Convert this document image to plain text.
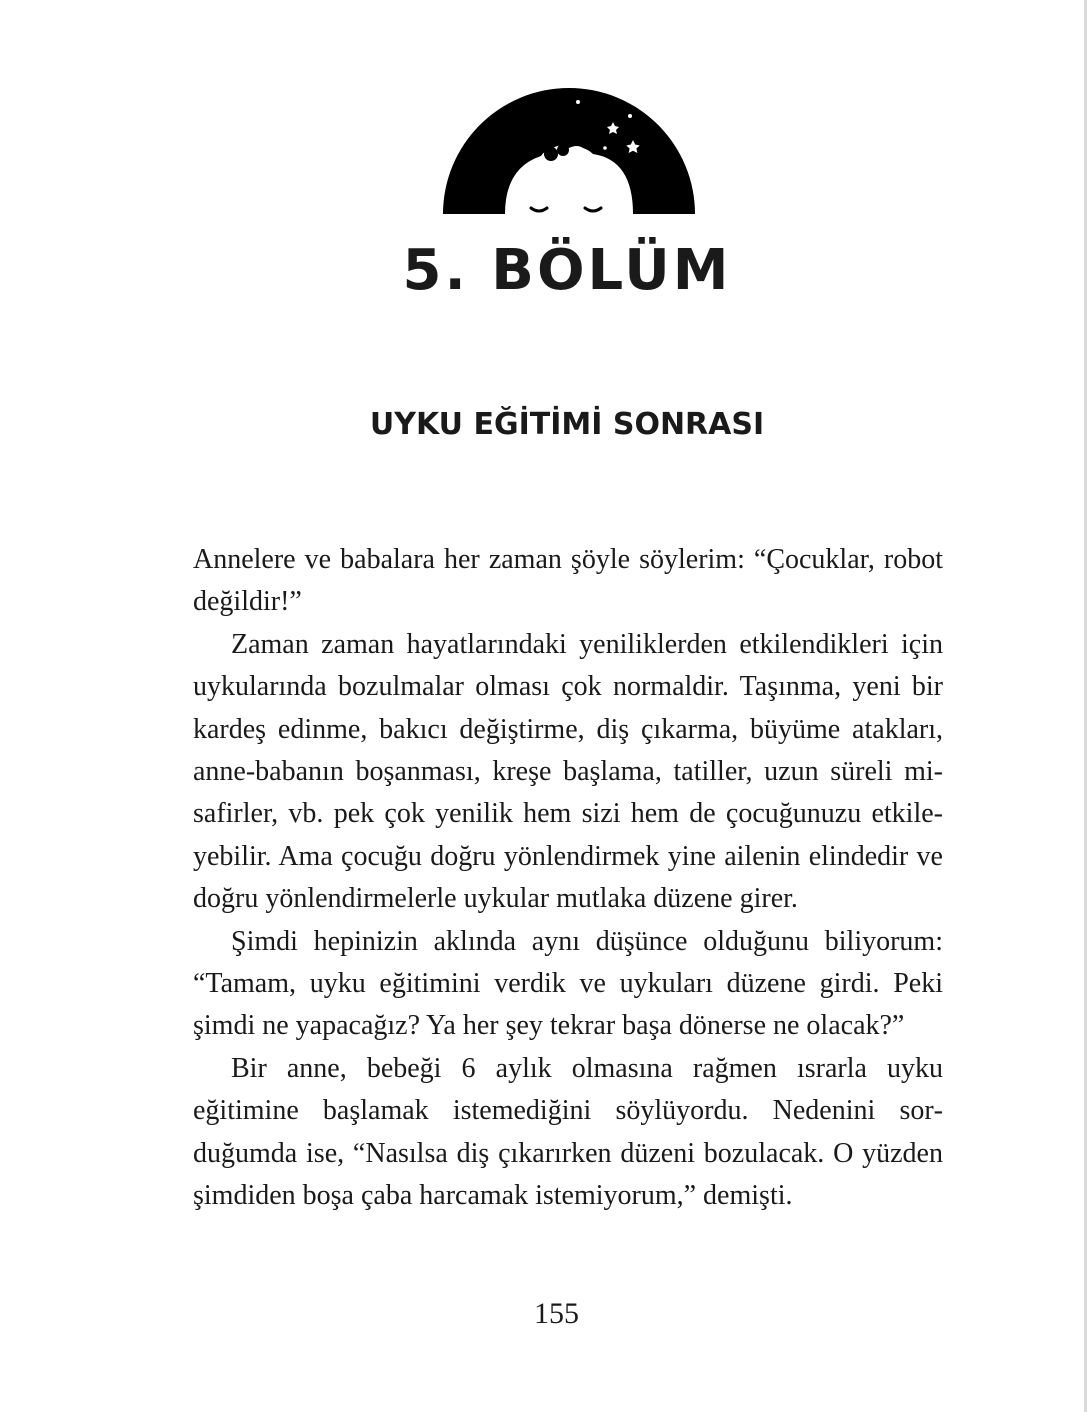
5. BÖLÜM
UYKU EĞİTİMİ SONRASI

Annelere ve babalara her zaman şöyle söylerim: “Çocuklar, robot değildir!”

Zaman zaman hayatlarındaki yeniliklerden etkilendikleri için uykularında bozulmalar olması çok normaldir. Taşınma, yeni bir kardeş edinme, bakıcı değiştirme, diş çıkarma, büyüme atakları, anne-babanın boşanması, kreşe başlama, tatiller, uzun süreli misafirler, vb. pek çok yenilik hem sizi hem de çocuğunuzu etkileyebilir. Ama çocuğu doğru yönlendirmek yine ailenin elindedir ve doğru yönlendirmelerle uykular mutlaka düzene girer.

Şimdi hepinizin aklında aynı düşünce olduğunu biliyorum: “Tamam, uyku eğitimini verdik ve uykuları düzene girdi. Peki şimdi ne yapacağız? Ya her şey tekrar başa dönerse ne olacak?”

Bir anne, bebeği 6 aylık olmasına rağmen ısrarla uyku eğitimine başlamak istemediğini söylüyordu. Nedenini sorduğumda ise, “Nasılsa diş çıkarırken düzeni bozulacak. O yüzden şimdiden boşa çaba harcamak istemiyorum,” demişti.

155
